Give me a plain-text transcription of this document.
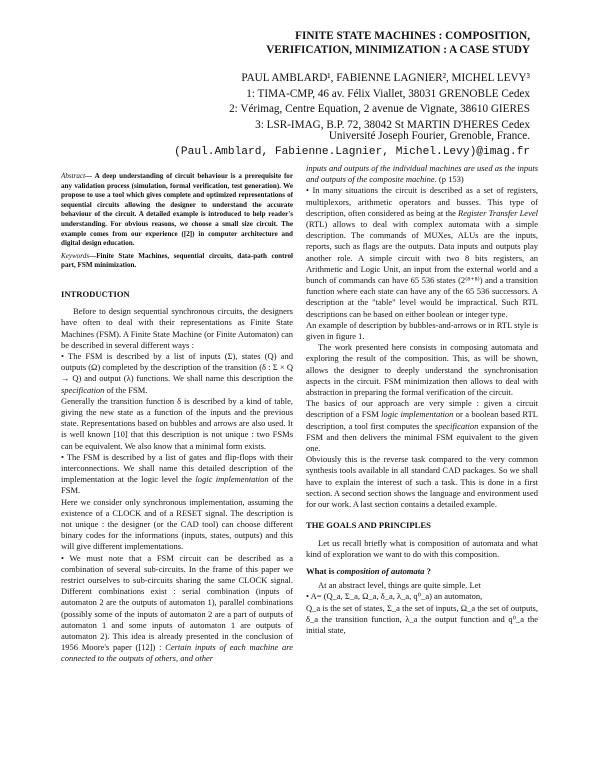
FINITE STATE MACHINES : COMPOSITION,
VERIFICATION, MINIMIZATION : A CASE STUDY
PAUL AMBLARD¹, FABIENNE LAGNIER², MICHEL LEVY³
1: TIMA-CMP, 46 av. Félix Viallet, 38031 GRENOBLE Cedex
2: Vérimag, Centre Equation, 2 avenue de Vignate, 38610 GIERES
3: LSR-IMAG, B.P. 72, 38042 St MARTIN D'HERES Cedex
Université Joseph Fourier, Grenoble, France.
(Paul.Amblard, Fabienne.Lagnier, Michel.Levy)@imag.fr

Abstract— A deep understanding of circuit behaviour is a prerequisite for any validation process (simulation, formal verification, test generation). We propose to use a tool which gives complete and optimized representations of sequential circuits allowing the designer to understand the accurate behaviour of the circuit. A detailed example is introduced to help reader's understanding. For obvious reasons, we choose a small size circuit. The example comes from our experience ([2]) in computer architecture and digital design education.

Keywords—Finite State Machines, sequential circuits, data-path control part, FSM minimization.

INTRODUCTION

Before to design sequential synchronous circuits, the designers have often to deal with their representations as Finite State Machines (FSM). A Finite State Machine (or Finite Automaton) can be described in several different ways :

• The FSM is described by a list of inputs (Σ), states (Q) and outputs (Ω) completed by the description of the transition (δ : Σ × Q → Q) and output (λ) functions. We shall name this description the specification of the FSM.

Generally the transition function δ is described by a kind of table, giving the new state as a function of the inputs and the previous state. Representations based on bubbles and arrows are also used. It is well known [10] that this description is not unique : two FSMs can be equivalent. We also know that a minimal form exists.

• The FSM is described by a list of gates and flip-flops with their interconnections. We shall name this detailed description of the implementation at the logic level the logic implementation of the FSM.

Here we consider only synchronous implementation, assuming the existence of a CLOCK and of a RESET signal. The description is not unique : the designer (or the CAD tool) can choose different binary codes for the informations (inputs, states, outputs) and this will give different implementations.

• We must note that a FSM circuit can be described as a combination of several sub-circuits. In the frame of this paper we restrict ourselves to sub-circuits sharing the same CLOCK signal. Different combinations exist : serial combination (inputs of automaton 2 are the outputs of automaton 1), parallel combinations (possibly some of the inputs of automaton 2 are a part of outputs of automaton 1 and some inputs of automaton 1 are outputs of automaton 2). This idea is already presented in the conclusion of 1956 Moore's paper ([12]) : Certain inputs of each machine are connected to the outputs of others, and other

inputs and outputs of the individual machines are used as the inputs and outputs of the composite machine. (p 153)

• In many situations the circuit is described as a set of registers, multiplexors, arithmetic operators and busses. This type of description, often considered as being at the Register Transfer Level (RTL) allows to deal with complex automata with a simple description. The commands of MUXes, ALUs are the inputs, reports, such as flags are the outputs. Data inputs and outputs play another role. A simple circuit with two 8 bits registers, an Arithmetic and Logic Unit, an input from the external world and a bunch of commands can have 65 536 states (2⁽⁸⁺⁸⁾) and a transition function where each state can have any of the 65 536 successors. A description at the "table" level would be impractical. Such RTL descriptions can be based on either boolean or integer type.

An example of description by bubbles-and-arrows or in RTL style is given in figure 1.

The work presented here consists in composing automata and exploring the result of the composition. This, as will be shown, allows the designer to deeply understand the synchronisation aspects in the circuit. FSM minimization then allows to deal with abstraction in preparing the formal verification of the circuit.

The basics of our approach are very simple : given a circuit description of a FSM logic implementation or a boolean based RTL description, a tool first computes the specification expansion of the FSM and then delivers the minimal FSM equivalent to the given one.

Obviously this is the reverse task compared to the very common synthesis tools available in all standard CAD packages. So we shall have to explain the interest of such a task. This is done in a first section. A second section shows the language and environment used for our work. A last section contains a detailed example.

THE GOALS AND PRINCIPLES

Let us recall briefly what is composition of automata and what kind of exploration we want to do with this composition.

What is composition of automata ?

At an abstract level, things are quite simple. Let

• A= (Q_a, Σ_a, Ω_a, δ_a, λ_a, q⁰_a) an automaton,

Q_a is the set of states, Σ_a the set of inputs, Ω_a the set of outputs, δ_a the transition function, λ_a the output function and q⁰_a the initial state,
